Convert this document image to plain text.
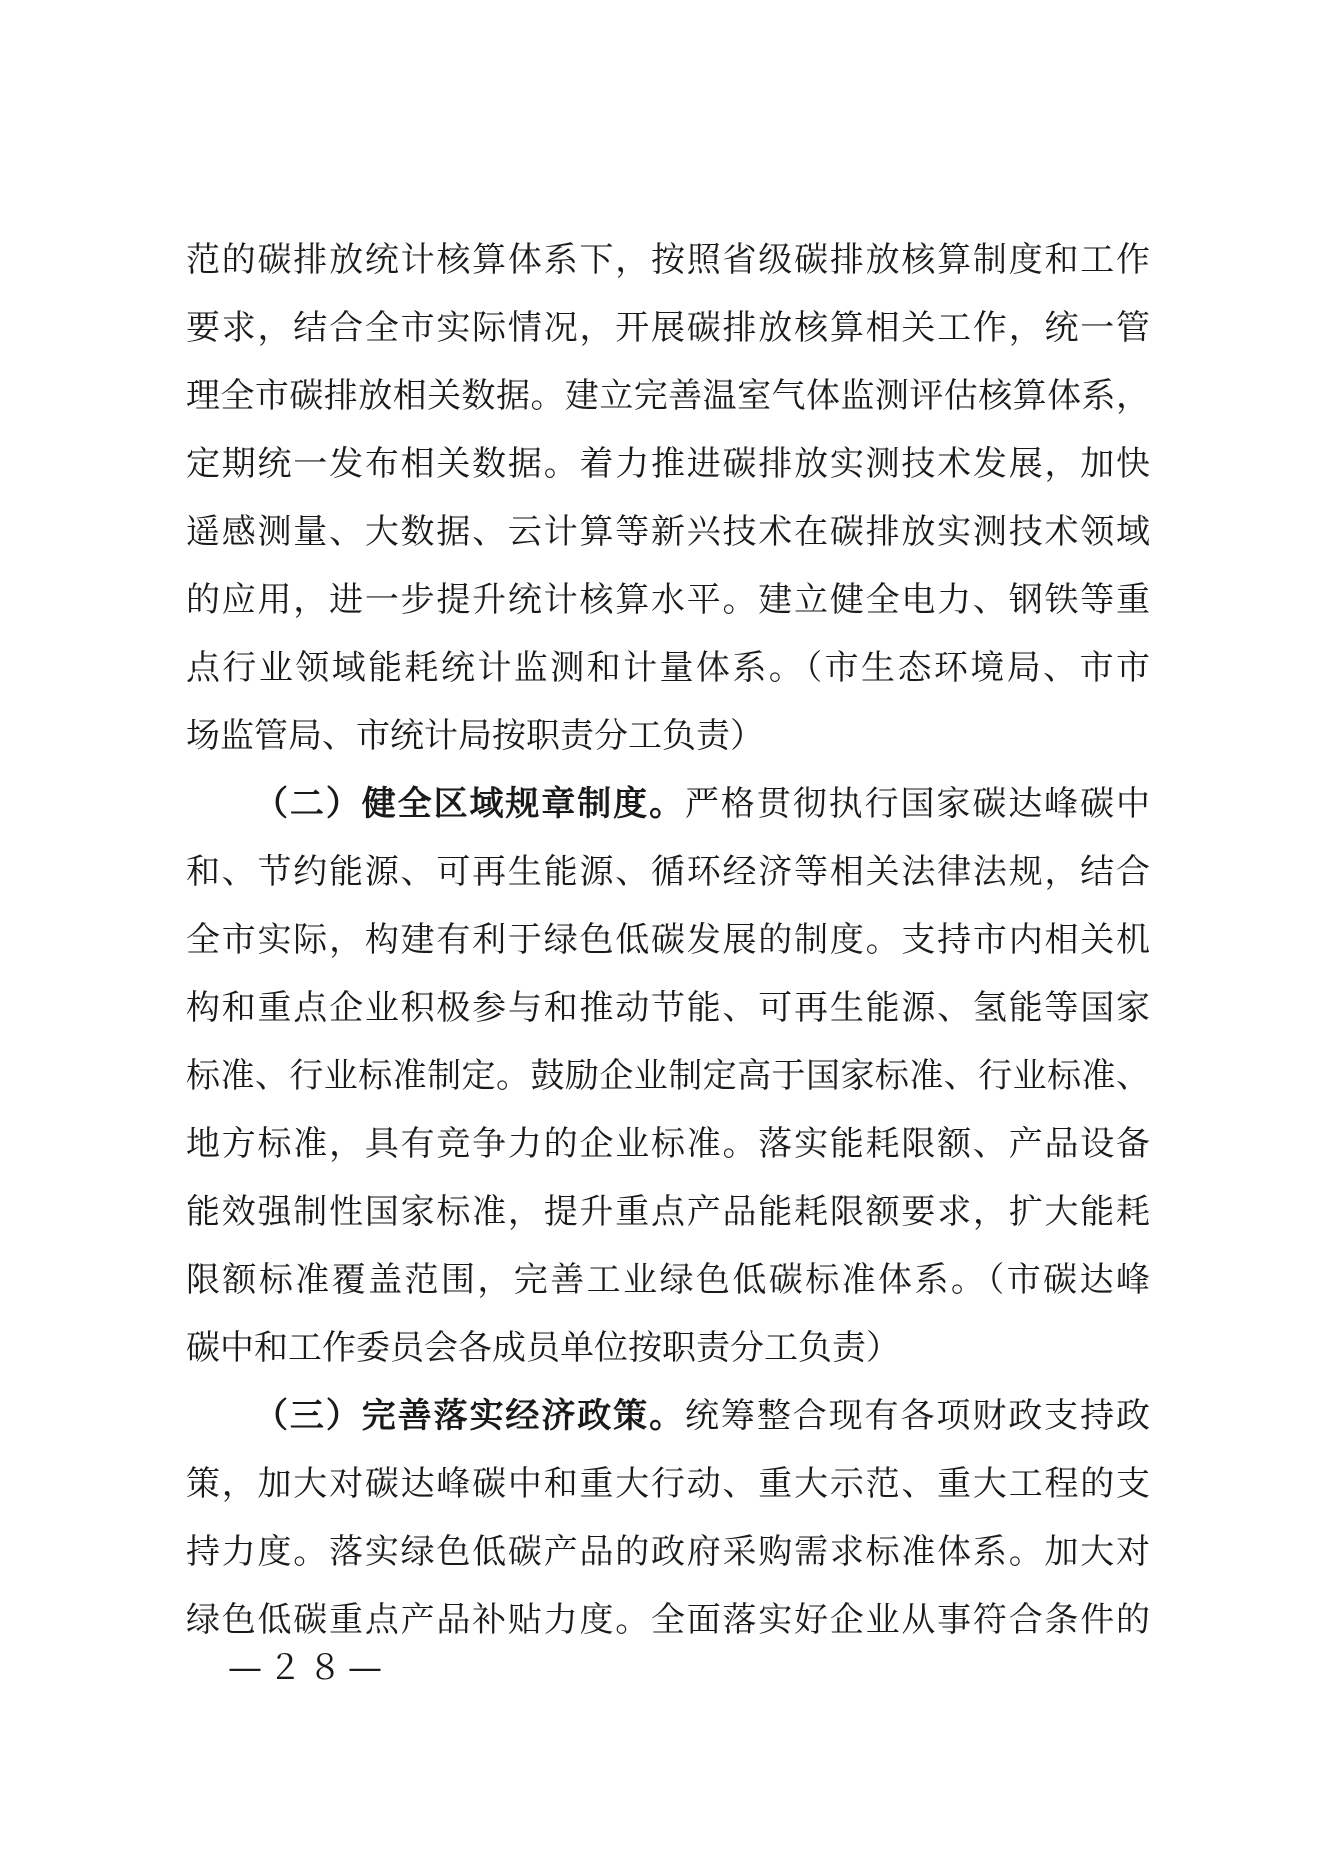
范的碳排放统计核算体系下，按照省级碳排放核算制度和工作
要求，结合全市实际情况，开展碳排放核算相关工作，统一管
理全市碳排放相关数据。建立完善温室气体监测评估核算体系，
定期统一发布相关数据。着力推进碳排放实测技术发展，加快
遥感测量、大数据、云计算等新兴技术在碳排放实测技术领域
的应用，进一步提升统计核算水平。建立健全电力、钢铁等重
点行业领域能耗统计监测和计量体系。（市生态环境局、市市
场监管局、市统计局按职责分工负责）
（二）健全区域规章制度。严格贯彻执行国家碳达峰碳中
和、节约能源、可再生能源、循环经济等相关法律法规，结合
全市实际，构建有利于绿色低碳发展的制度。支持市内相关机
构和重点企业积极参与和推动节能、可再生能源、氢能等国家
标准、行业标准制定。鼓励企业制定高于国家标准、行业标准、
地方标准，具有竞争力的企业标准。落实能耗限额、产品设备
能效强制性国家标准，提升重点产品能耗限额要求，扩大能耗
限额标准覆盖范围，完善工业绿色低碳标准体系。（市碳达峰
碳中和工作委员会各成员单位按职责分工负责）
（三）完善落实经济政策。统筹整合现有各项财政支持政
策，加大对碳达峰碳中和重大行动、重大示范、重大工程的支
持力度。落实绿色低碳产品的政府采购需求标准体系。加大对
绿色低碳重点产品补贴力度。全面落实好企业从事符合条件的
—２８—
